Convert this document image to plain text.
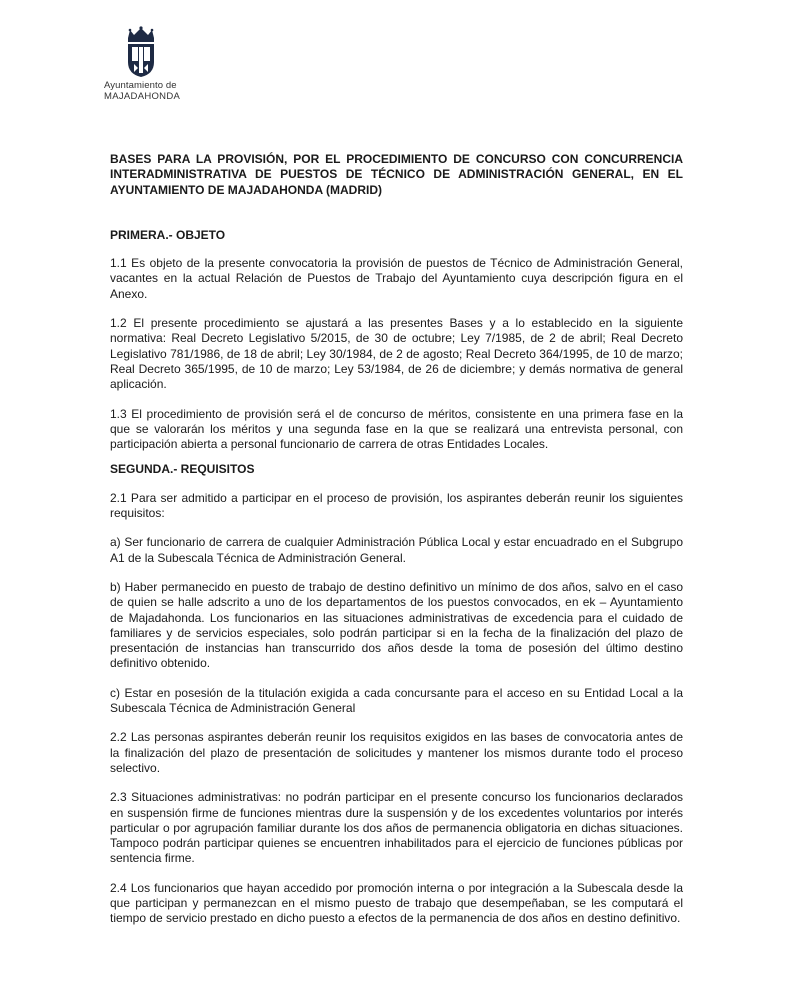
Ayuntamiento de
MAJADAHONDA
BASES PARA LA PROVISIÓN, POR EL PROCEDIMIENTO DE CONCURSO CON CONCURRENCIA INTERADMINISTRATIVA DE PUESTOS DE TÉCNICO DE ADMINISTRACIÓN GENERAL, EN EL AYUNTAMIENTO DE MAJADAHONDA (MADRID)
PRIMERA.- OBJETO
1.1 Es objeto de la presente convocatoria la provisión de puestos de Técnico de Administración General, vacantes en la actual Relación de Puestos de Trabajo del Ayuntamiento cuya descripción figura en el Anexo.
1.2 El presente procedimiento se ajustará a las presentes Bases y a lo establecido en la siguiente normativa: Real Decreto Legislativo 5/2015, de 30 de octubre; Ley 7/1985, de 2 de abril; Real Decreto Legislativo 781/1986, de 18 de abril; Ley 30/1984, de 2 de agosto; Real Decreto 364/1995, de 10 de marzo; Real Decreto 365/1995, de 10 de marzo; Ley 53/1984, de 26 de diciembre; y demás normativa de general aplicación.
1.3 El procedimiento de provisión será el de concurso de méritos, consistente en una primera fase en la que se valorarán los méritos y una segunda fase en la que se realizará una entrevista personal, con participación abierta a personal funcionario de carrera de otras Entidades Locales.
SEGUNDA.- REQUISITOS
2.1 Para ser admitido a participar en el proceso de provisión, los aspirantes deberán reunir los siguientes requisitos:
a) Ser funcionario de carrera de cualquier Administración Pública Local y estar encuadrado en el Subgrupo A1 de la Subescala Técnica de Administración General.
b) Haber permanecido en puesto de trabajo de destino definitivo un mínimo de dos años, salvo en el caso de quien se halle adscrito a uno de los departamentos de los puestos convocados, en ek – Ayuntamiento de Majadahonda. Los funcionarios en las situaciones administrativas de excedencia para el cuidado de familiares y de servicios especiales, solo podrán participar si en la fecha de la finalización del plazo de presentación de instancias han transcurrido dos años desde la toma de posesión del último destino definitivo obtenido.
c) Estar en posesión de la titulación exigida a cada concursante para el acceso en su Entidad Local a la Subescala Técnica de Administración General
2.2 Las personas aspirantes deberán reunir los requisitos exigidos en las bases de convocatoria antes de la finalización del plazo de presentación de solicitudes y mantener los mismos durante todo el proceso selectivo.
2.3 Situaciones administrativas: no podrán participar en el presente concurso los funcionarios declarados en suspensión firme de funciones mientras dure la suspensión y de los excedentes voluntarios por interés particular o por agrupación familiar durante los dos años de permanencia obligatoria en dichas situaciones. Tampoco podrán participar quienes se encuentren inhabilitados para el ejercicio de funciones públicas por sentencia firme.
2.4 Los funcionarios que hayan accedido por promoción interna o por integración a la Subescala desde la que participan y permanezcan en el mismo puesto de trabajo que desempeñaban, se les computará el tiempo de servicio prestado en dicho puesto a efectos de la permanencia de dos años en destino definitivo.
